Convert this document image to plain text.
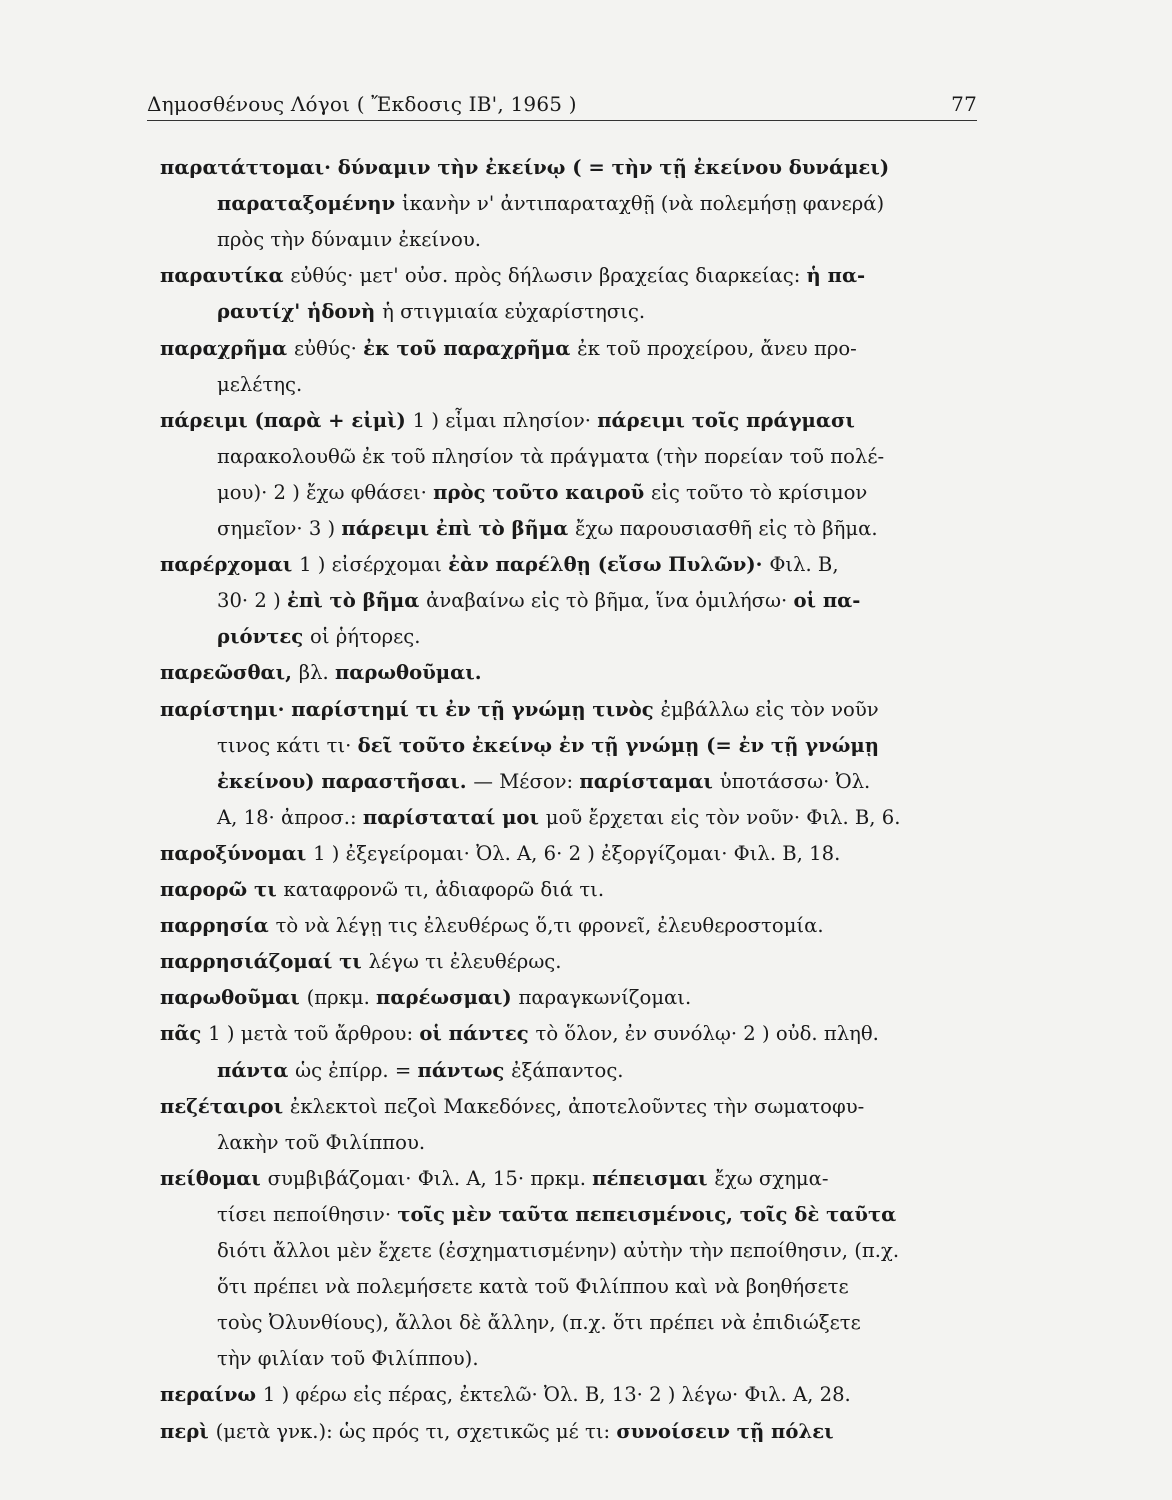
Δημοσθένους Λόγοι ( Ἔκδοσις ΙΒ', 1965 )	77
παρατάττομαι· δύναμιν τὴν ἐκείνῳ ( = τὴν τῇ ἐκείνου δυνάμει)
παραταξομένην ἱκανὴν ν' ἀντιπαραταχθῇ (νὰ πολεμήσῃ φανερά)
πρὸς τὴν δύναμιν ἐκείνου.
παραυτίκα εὐθύς· μετ' οὐσ. πρὸς δήλωσιν βραχείας διαρκείας: ἡ πα-
ραυτίχ' ἡδονὴ ἡ στιγμιαία εὐχαρίστησις.
παραχρῆμα εὐθύς· ἐκ τοῦ παραχρῆμα ἐκ τοῦ προχείρου, ἄνευ προ-
μελέτης.
πάρειμι (παρὰ + εἰμὶ) 1 ) εἶμαι πλησίον· πάρειμι τοῖς πράγμασι
παρακολουθῶ ἐκ τοῦ πλησίον τὰ πράγματα (τὴν πορείαν τοῦ πολέ-
μου)· 2 ) ἔχω φθάσει· πρὸς τοῦτο καιροῦ εἰς τοῦτο τὸ κρίσιμον
σημεῖον· 3 ) πάρειμι ἐπὶ τὸ βῆμα ἔχω παρουσιασθῆ εἰς τὸ βῆμα.
παρέρχομαι 1 ) εἰσέρχομαι ἐὰν παρέλθῃ (εἴσω Πυλῶν)· Φιλ. Β,
30· 2 ) ἐπὶ τὸ βῆμα ἀναβαίνω εἰς τὸ βῆμα, ἵνα ὁμιλήσω· οἱ πα-
ριόντες οἱ ῥήτορες.
παρεῶσθαι, βλ. παρωθοῦμαι.
παρίστημι· παρίστημί τι ἐν τῇ γνώμῃ τινὸς ἐμβάλλω εἰς τὸν νοῦν
τινος κάτι τι· δεῖ τοῦτο ἐκείνῳ ἐν τῇ γνώμῃ (= ἐν τῇ γνώμῃ
ἐκείνου) παραστῆσαι. — Μέσον: παρίσταμαι ὑποτάσσω· Ὀλ.
Α, 18· ἀπροσ.: παρίσταταί μοι μοῦ ἔρχεται εἰς τὸν νοῦν· Φιλ. Β, 6.
παροξύνομαι 1 ) ἐξεγείρομαι· Ὀλ. Α, 6· 2 ) ἐξοργίζομαι· Φιλ. Β, 18.
παρορῶ τι καταφρονῶ τι, ἀδιαφορῶ διά τι.
παρρησία τὸ νὰ λέγῃ τις ἐλευθέρως ὅ,τι φρονεῖ, ἐλευθεροστομία.
παρρησιάζομαί τι λέγω τι ἐλευθέρως.
παρωθοῦμαι (πρκμ. παρέωσμαι) παραγκωνίζομαι.
πᾶς 1 ) μετὰ τοῦ ἄρθρου: οἱ πάντες τὸ ὅλον, ἐν συνόλῳ· 2 ) οὐδ. πληθ.
πάντα ὡς ἐπίρρ. = πάντως ἐξάπαντος.
πεζέταιροι ἐκλεκτοὶ πεζοὶ Μακεδόνες, ἀποτελοῦντες τὴν σωματοφυ-
λακὴν τοῦ Φιλίππου.
πείθομαι συμβιβάζομαι· Φιλ. Α, 15· πρκμ. πέπεισμαι ἔχω σχημα-
τίσει πεποίθησιν· τοῖς μὲν ταῦτα πεπεισμένοις, τοῖς δὲ ταῦτα
διότι ἄλλοι μὲν ἔχετε (ἐσχηματισμένην) αὐτὴν τὴν πεποίθησιν, (π.χ.
ὅτι πρέπει νὰ πολεμήσετε κατὰ τοῦ Φιλίππου καὶ νὰ βοηθήσετε
τοὺς Ὀλυνθίους), ἄλλοι δὲ ἄλλην, (π.χ. ὅτι πρέπει νὰ ἐπιδιώξετε
τὴν φιλίαν τοῦ Φιλίππου).
περαίνω 1 ) φέρω εἰς πέρας, ἐκτελῶ· Ὀλ. Β, 13· 2 ) λέγω· Φιλ. Α, 28.
περὶ (μετὰ γνκ.): ὡς πρός τι, σχετικῶς μέ τι: συνοίσειν τῇ πόλει
